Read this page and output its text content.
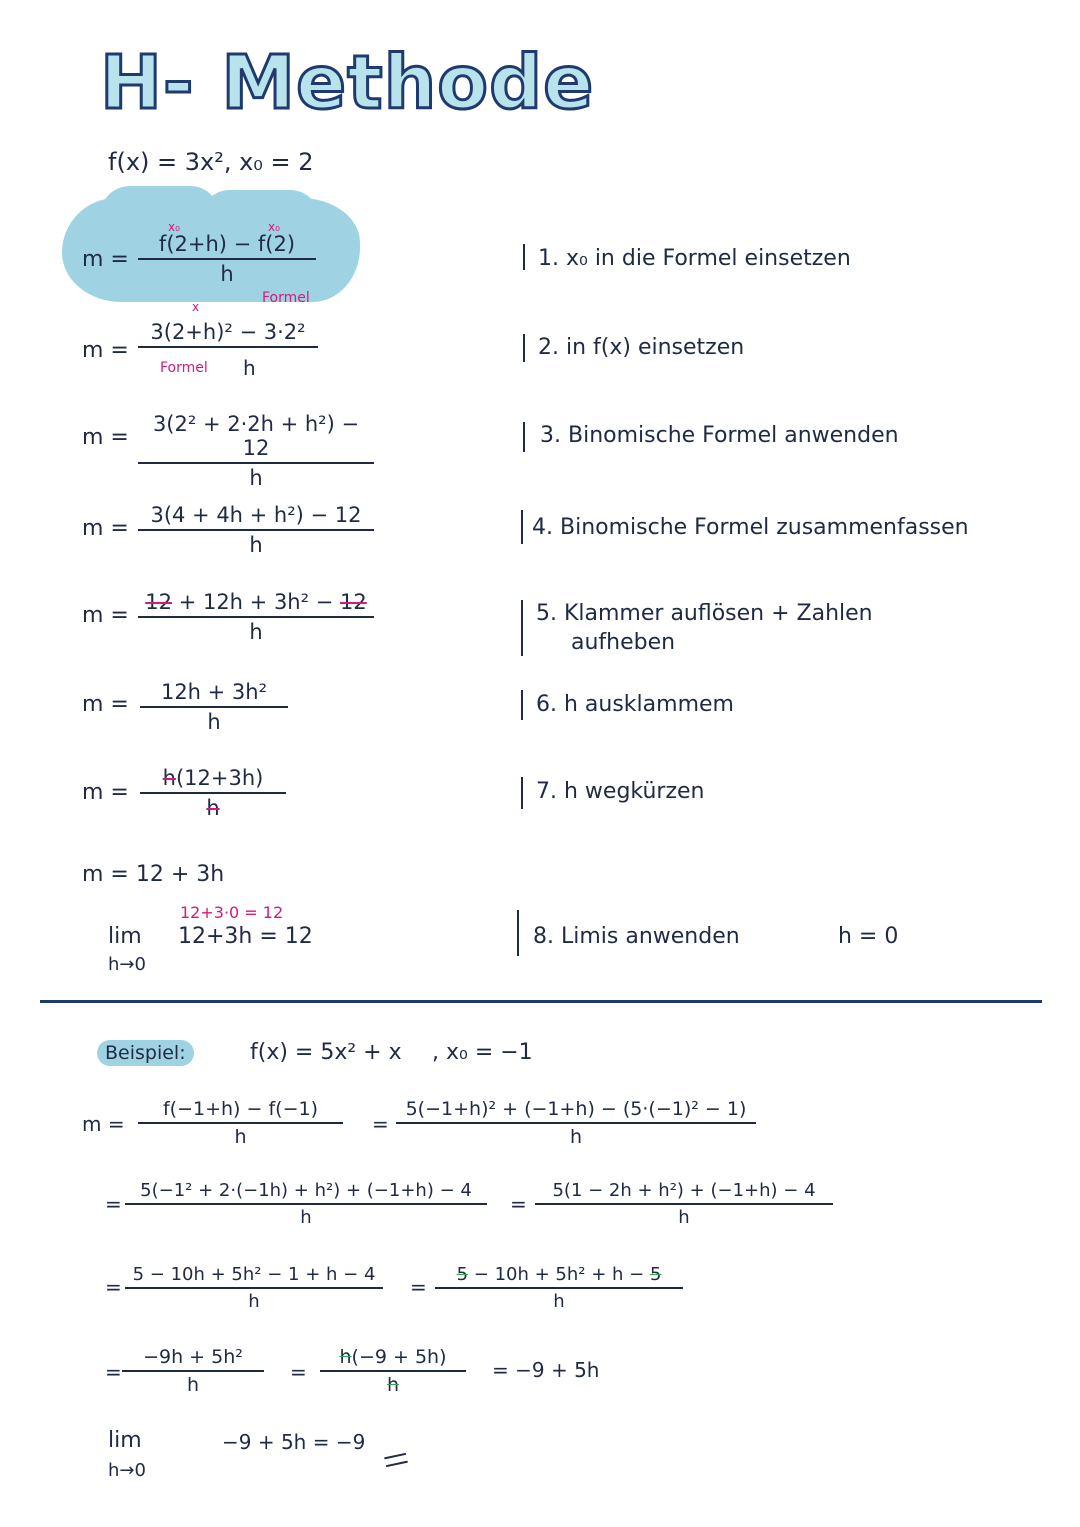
H- Methode
f(x) = 3x², x₀ = 2
m =
x₀	x₀
$\frac{f(2+h) - f(2)}{h}$	1. x₀ in die Formel einsetzen
x
Formel
m =
3(2+h)² − 3·2²
Formel h
2. in f(x) einsetzen
$m = \frac{\text{3(2² + 2·2h + h²) − 12}}{h}$	3. Binomische Formel anwenden
$m = \frac{\text{3(4 + 4h + h²) − 12}}{h}$	4. Binomische Formel zusammenfassen
$m = \frac{\text{12 + 12h + 3h² − 12}}{h}$	5. Klammer auflösen + Zahlen
aufheben
$m = \frac{\text{12h + 3h²}}{h}$	6. h ausklammem
$m = \frac{h(12+3h)}{h}$	7. h wegkürzen
m = 12 + 3h
12+3·0 = 12
lim 12+3h = 12
h→0
8. Limis anwenden	h = 0
Beispiel:	f(x) = 5x² + x , x₀ = −1
$m = \frac{f(-1+h) - f(-1)}{h} = \frac{\text{5(−1+h)² + (−1+h) − (5·(−1)² − 1)}}{h}$
= $\frac{\text{5(−1² + 2·(−1h) + h²) + (−1+h) − 4}}{h} = \frac{\text{5(1 − 2h + h²) + (−1+h) − 4}}{h}$
= $\frac{\text{5 − 10h + 5h² − 1 + h − 4}}{h} = \frac{\text{5 − 10h + 5h² + h − 5}}{h}$
= $\frac{\text{−9h + 5h²}}{h} = \frac{h(-9 + 5h)}{h} = -9 + 5h$
lim
h→0
−9 + 5h = −9
